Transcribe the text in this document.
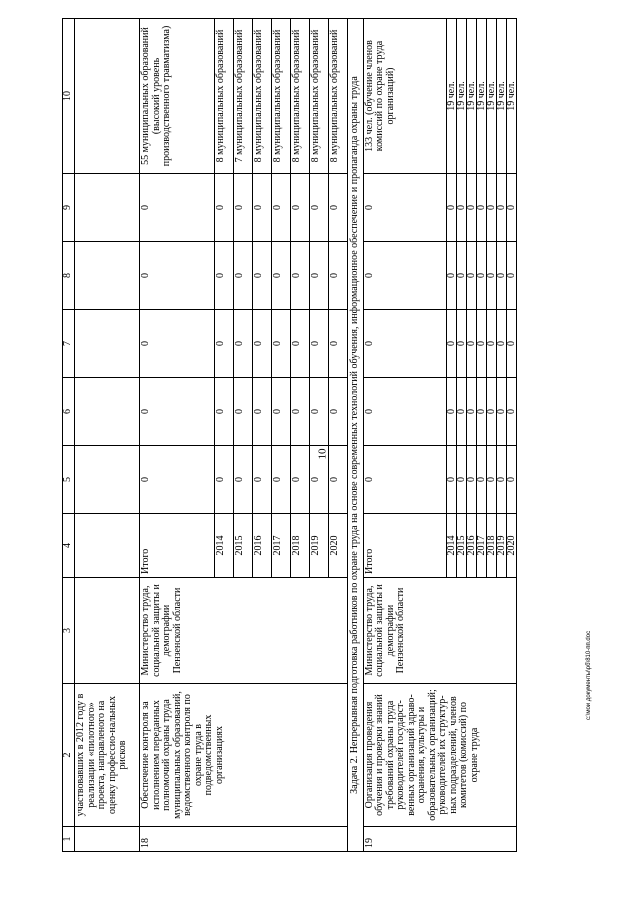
10
1	2	3	4	5	6	7	8	9	10
	участвовавших в 2012 году в реализации «пилотного» проекта, направленого на оценку професcио-нальных рисков								
18	Обеспечение контроля за исполнением переданных полномочий охраны труда муниципальных образований, ведомственного контроля по охране труда в подведомственных организациях	Министерство труда, социальной защиты и демографии Пензенской области	Итого	0	0	0	0	0	55 муниципальных образований (высокий уровень производственного травматизма)
			2014	0	0	0	0	0	8 муниципальных образований
			2015	0	0	0	0	0	7 муниципальных образований
			2016	0	0	0	0	0	8 муниципальных образований
			2017	0	0	0	0	0	8 муниципальных образований
			2018	0	0	0	0	0	8 муниципальных образований
			2019	0	0	0	0	0	8 муниципальных образований
			2020	0	0	0	0	0	8 муниципальных образований
Задача 2. Непрерывная подготовка работников по охране труда на основе современных технологий обучения, информационное обеспечение и пропаганда охраны труда									
19	Организация проведения обучения и проверки знаний требований охраны труда руководителей государст-венных организаций здраво-охранения, культуры и образовательных организаций; руководителей их структур-ных подразделений, членов комитетов (комиссий) по охране труда	Министерство труда, социальной защиты и демографии Пензенской области	Итого	0	0	0	0	0	133 чел. (обучение членов комиссий по охране труда организаций)
			2014	0	0	0	0	0	19 чел.
			2015	0	0	0	0	0	19 чел.
			2016	0	0	0	0	0	19 чел.
			2017	0	0	0	0	0	19 чел.
			2018	0	0	0	0	0	19 чел.
			2019	0	0	0	0	0	19 чел.
			2020	0	0	0	0	0	19 чел.
c:\мои документы\рб\810-пп.doc
